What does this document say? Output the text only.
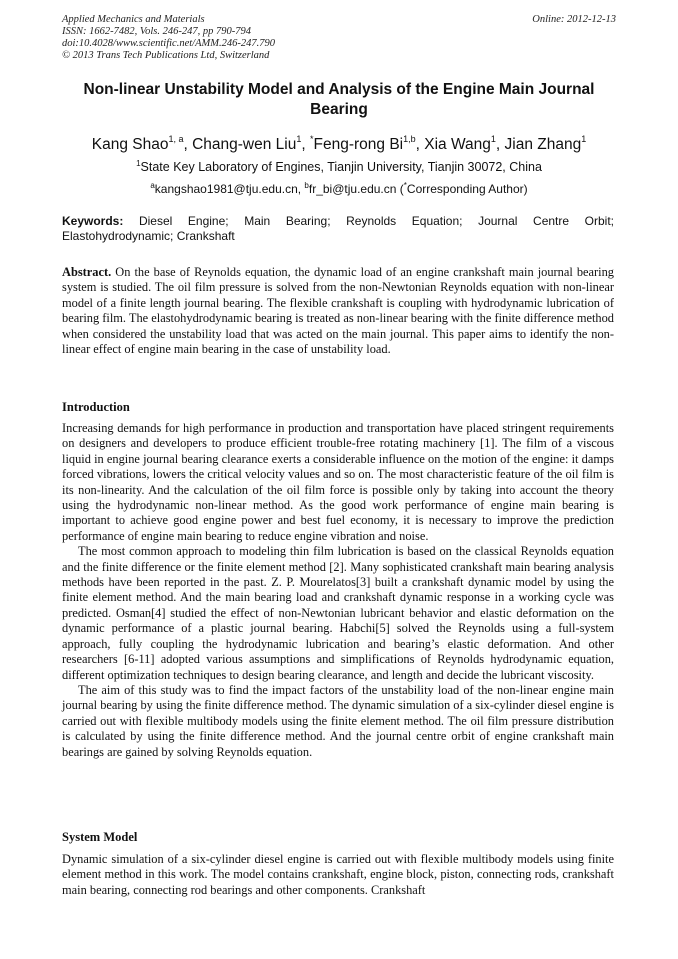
Applied Mechanics and Materials
ISSN: 1662-7482, Vols. 246-247, pp 790-794
doi:10.4028/www.scientific.net/AMM.246-247.790
© 2013 Trans Tech Publications Ltd, Switzerland
Online: 2012-12-13
Non-linear Unstability Model and Analysis of the Engine Main Journal Bearing
Kang Shao$^{1, a}$, Chang-wen Liu$^1$, *Feng-rong Bi$^{1,b}$, Xia Wang$^1$, Jian Zhang$^1$
$^1$State Key Laboratory of Engines, Tianjin University, Tianjin 30072, China
$^a$kangshao1981@tju.edu.cn, $^b$fr_bi@tju.edu.cn (*Corresponding Author)
Keywords: Diesel Engine; Main Bearing; Reynolds Equation; Journal Centre Orbit; Elastohydrodynamic; Crankshaft

Abstract. On the base of Reynolds equation, the dynamic load of an engine crankshaft main journal bearing system is studied. The oil film pressure is solved from the non-Newtonian Reynolds equation with non-linear model of a finite length journal bearing. The flexible crankshaft is coupling with hydrodynamic lubrication of bearing film. The elastohydrodynamic bearing is treated as non-linear bearing with the finite difference method when considered the unstability load that was acted on the main journal. This paper aims to identify the non-linear effect of engine main bearing in the case of unstability load.

Introduction

Increasing demands for high performance in production and transportation have placed stringent requirements on designers and developers to produce efficient trouble-free rotating machinery [1]. The film of a viscous liquid in engine journal bearing clearance exerts a considerable influence on the motion of the engine: it damps forced vibrations, lowers the critical velocity values and so on. The most characteristic feature of the oil film is its non-linearity. And the calculation of the oil film force is possible only by taking into account the theory using the hydrodynamic non-linear method. As the good work performance of engine main bearing is important to achieve good engine power and best fuel economy, it is necessary to improve the prediction performance of engine main bearing to reduce engine vibration and noise.

The most common approach to modeling thin film lubrication is based on the classical Reynolds equation and the finite difference or the finite element method [2]. Many sophisticated crankshaft main bearing analysis methods have been reported in the past. Z. P. Mourelatos[3] built a crankshaft dynamic model by using the finite element method. And the main bearing load and crankshaft dynamic response in a working cycle was predicted. Osman[4] studied the effect of non-Newtonian lubricant behavior and elastic deformation on the dynamic performance of a plastic journal bearing. Habchi[5] solved the Reynolds using a full-system approach, fully coupling the hydrodynamic lubrication and bearing’s elastic deformation. And other researchers [6-11] adopted various assumptions and simplifications of Reynolds hydrodynamic equation, different optimization techniques to design bearing clearance, and length and decide the lubricant viscosity.

The aim of this study was to find the impact factors of the unstability load of the non-linear engine main journal bearing by using the finite difference method. The dynamic simulation of a six-cylinder diesel engine is carried out with flexible multibody models using the finite element method. The oil film pressure distribution is calculated by using the finite difference method. And the journal centre orbit of engine crankshaft main bearings are gained by solving Reynolds equation.

System Model

Dynamic simulation of a six-cylinder diesel engine is carried out with flexible multibody models using finite element method in this work. The model contains crankshaft, engine block, piston, connecting rods, crankshaft main bearing, connecting rod bearings and other components. Crankshaft
